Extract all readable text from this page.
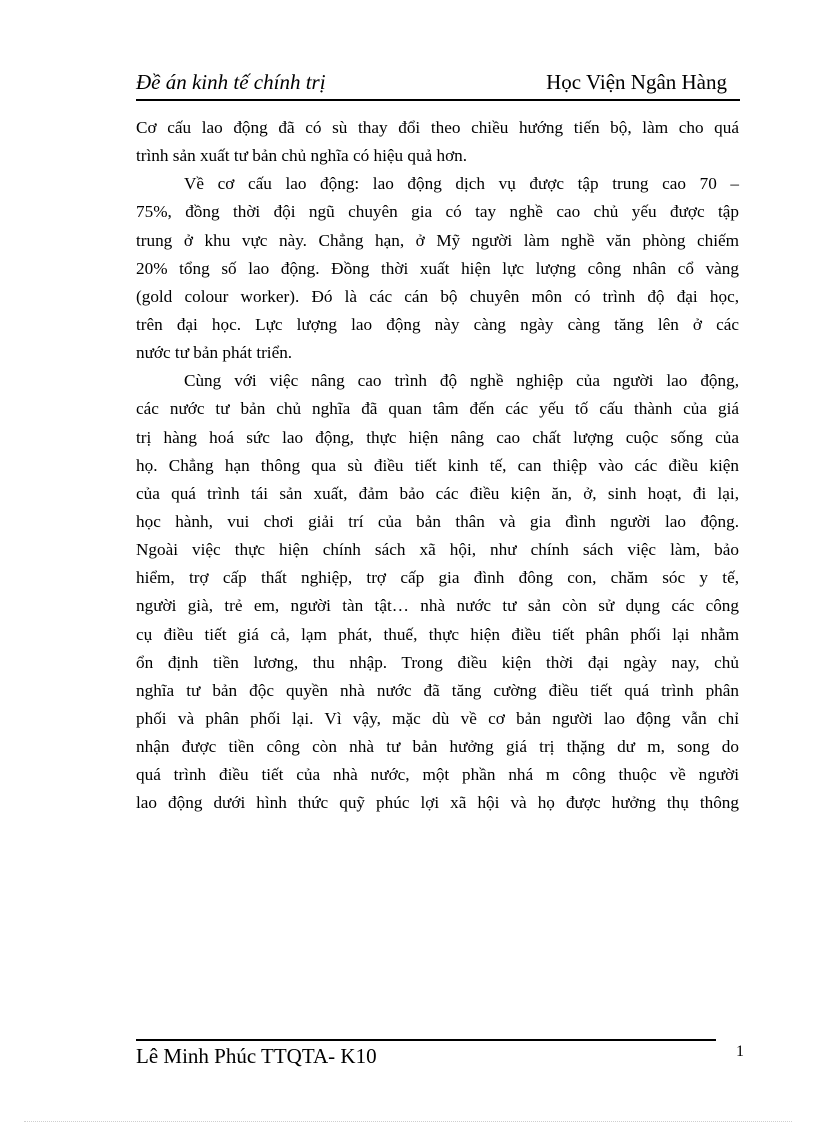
Đề án kinh tế chính trị	Học Viện Ngân Hàng
Cơ cấu lao động đã có sù thay đổi theo chiều hướng tiến bộ, làm cho quá
trình sản xuất tư bản chủ nghĩa có hiệu quả hơn.
Về cơ cấu lao động: lao động dịch vụ được tập trung cao 70 –
75%, đồng thời đội ngũ chuyên gia có tay nghề cao chủ yếu được tập
trung ở khu vực này. Chẳng hạn, ở Mỹ người làm nghề văn phòng chiếm
20% tổng số lao động. Đồng thời xuất hiện lực lượng công nhân cổ vàng
(gold colour worker). Đó là các cán bộ chuyên môn có trình độ đại học,
trên đại học. Lực lượng lao động này càng ngày càng tăng lên ở các
nước tư bản phát triển.
Cùng với việc nâng cao trình độ nghề nghiệp của người lao động,
các nước tư bản chủ nghĩa đã quan tâm đến các yếu tố cấu thành của giá
trị hàng hoá sức lao động, thực hiện nâng cao chất lượng cuộc sống của
họ. Chẳng hạn thông qua sù điều tiết kinh tế, can thiệp vào các điều kiện
của quá trình tái sản xuất, đảm bảo các điều kiện ăn, ở, sinh hoạt, đi lại,
học hành, vui chơi giải trí của bản thân và gia đình người lao động.
Ngoài việc thực hiện chính sách xã hội, như chính sách việc làm, bảo
hiểm, trợ cấp thất nghiệp, trợ cấp gia đình đông con, chăm sóc y tế,
người già, trẻ em, người tàn tật… nhà nước tư sản còn sử dụng các công
cụ điều tiết giá cả, lạm phát, thuế, thực hiện điều tiết phân phối lại nhằm
ổn định tiền lương, thu nhập. Trong điều kiện thời đại ngày nay, chủ
nghĩa tư bản độc quyền nhà nước đã tăng cường điều tiết quá trình phân
phối và phân phối lại. Vì vậy, mặc dù về cơ bản người lao động vẫn chỉ
nhận được tiền công còn nhà tư bản hưởng giá trị thặng dư m, song do
quá trình điều tiết của nhà nước, một phần nhá m công thuộc về người
lao động dưới hình thức quỹ phúc lợi xã hội và họ được hưởng thụ thông
Lê Minh Phúc TTQTA- K10	1
